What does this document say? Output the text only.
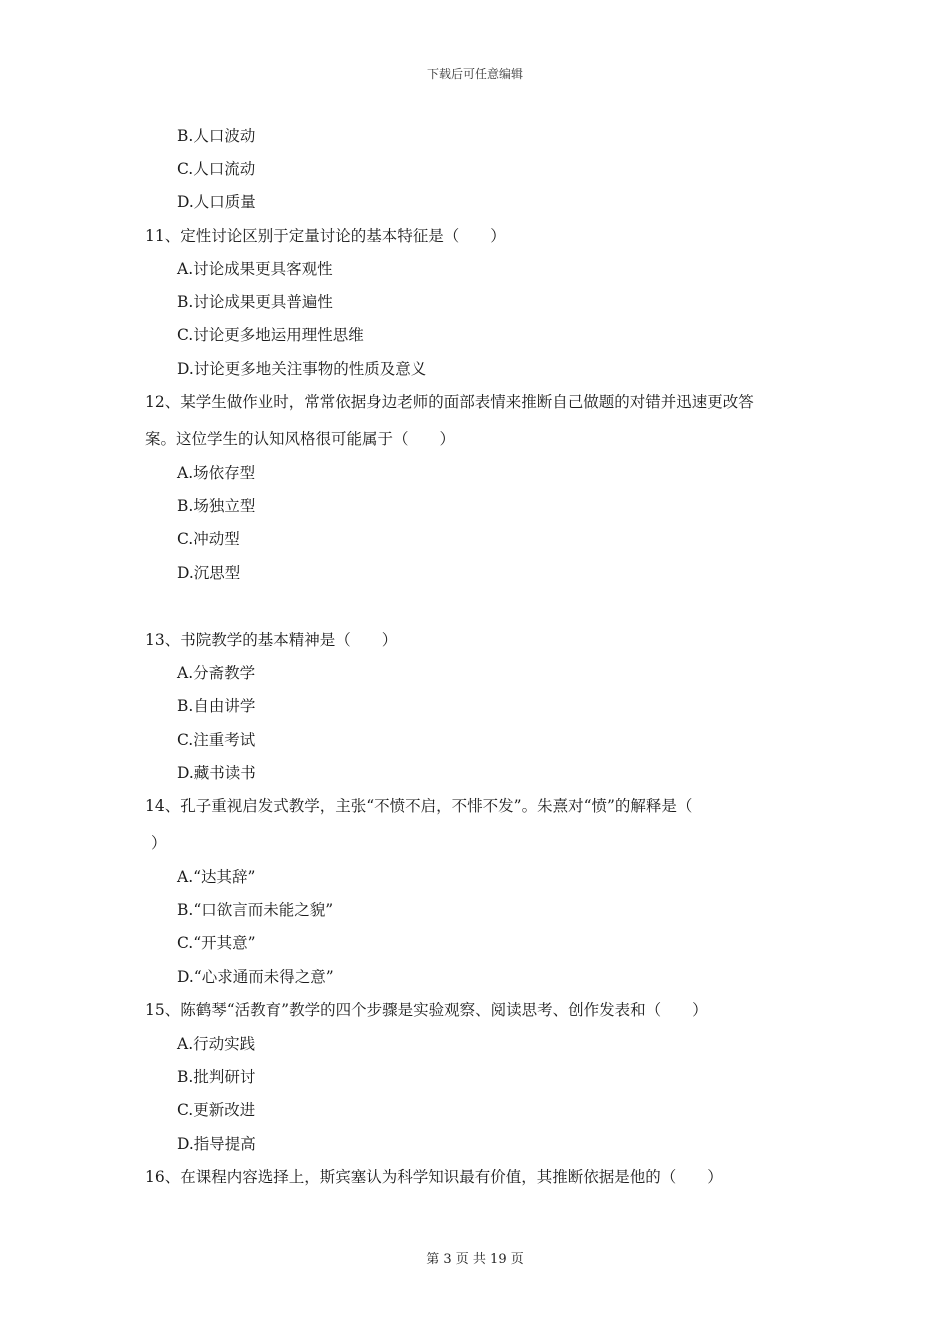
下载后可任意编辑
B.人口波动
C.人口流动
D.人口质量
11、定性讨论区别于定量讨论的基本特征是（　　）
A.讨论成果更具客观性
B.讨论成果更具普遍性
C.讨论更多地运用理性思维
D.讨论更多地关注事物的性质及意义
12、某学生做作业时，常常依据身边老师的面部表情来推断自己做题的对错并迅速更改答
案。这位学生的认知风格很可能属于（　　）
A.场依存型
B.场独立型
C.冲动型
D.沉思型
13、书院教学的基本精神是（　　）
A.分斋教学
B.自由讲学
C.注重考试
D.藏书读书
14、孔子重视启发式教学，主张“不愤不启，不悱不发”。朱熹对“愤”的解释是（
）
A.“达其辞”
B.“口欲言而未能之貌”
C.“开其意”
D.“心求通而未得之意”
15、陈鹤琴“活教育”教学的四个步骤是实验观察、阅读思考、创作发表和（　　）
A.行动实践
B.批判研讨
C.更新改进
D.指导提高
16、在课程内容选择上，斯宾塞认为科学知识最有价值，其推断依据是他的（　　）
第 3 页 共 19 页
